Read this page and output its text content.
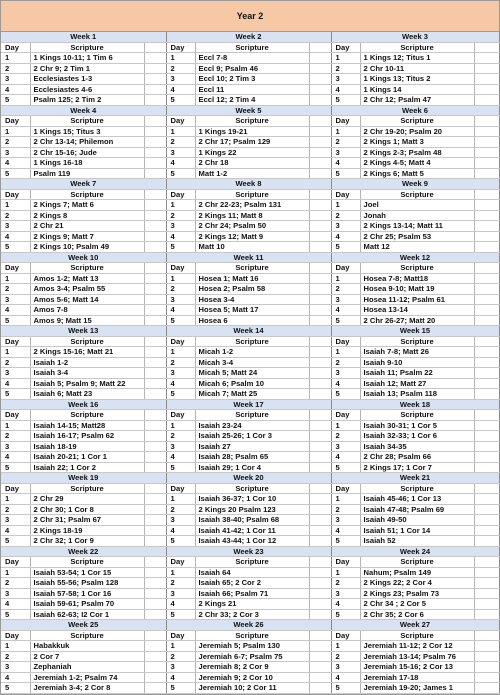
Year 2
Week 1			Week 2			Week 3		
Day	Scripture		Day	Scripture		Day	Scripture	
1	1 Kings 10-11; 1 Tim 6		1	Eccl 7-8		1	1 Kings 12; Titus 1	
2	2 Chr 9; 2 Tim 1		2	Eccl 9; Psalm 46		2	2 Chr 10-11	
3	Ecclesiastes 1-3		3	Eccl 10; 2 Tim 3		3	1 Kings 13; Titus 2	
4	Ecclesiastes 4-6		4	Eccl 11		4	1 Kings 14	
5	Psalm 125; 2 Tim 2		5	Eccl 12; 2 Tim 4		5	2 Chr 12; Psalm 47	
Week 4			Week 5			Week 6		
Day	Scripture		Day	Scripture		Day	Scripture	
1	1 Kings 15; Titus 3		1	1 Kings 19-21		1	2 Chr 19-20; Psalm 20	
2	2 Chr 13-14; Philemon		2	2 Chr 17; Psalm 129		2	2 Kings 1; Matt 3	
3	2 Chr 15-16; Jude		3	1 Kings 22		3	2 Kings 2-3; Psalm 48	
4	1 Kings 16-18		4	2 Chr 18		4	2 Kings 4-5; Matt 4	
5	Psalm 119		5	Matt 1-2		5	2 Kings 6; Matt 5	
Week 7			Week 8			Week 9		
Day	Scripture		Day	Scripture		Day	Scripture	
1	2 Kings 7; Matt 6		1	2 Chr 22-23; Psalm 131		1	Joel	
2	2 Kings 8		2	2 Kings 11; Matt 8		2	Jonah	
3	2 Chr 21		3	2 Chr 24; Psalm 50		3	2 Kings 13-14; Matt 11	
4	2 Kings 9; Matt 7		4	2 Kings 12; Matt 9		4	2 Chr 25; Psalm 53	
5	2 Kings 10; Psalm 49		5	Matt 10		5	Matt 12	
Week 10			Week 11			Week 12		
Day	Scripture		Day	Scripture		Day	Scripture	
1	Amos 1-2; Matt 13		1	Hosea 1; Matt 16		1	Hosea 7-8; Matt18	
2	Amos 3-4; Psalm 55		2	Hosea 2; Psalm 58		2	Hosea 9-10; Matt 19	
3	Amos 5-6; Matt 14		3	Hosea 3-4		3	Hosea 11-12; Psalm 61	
4	Amos 7-8		4	Hosea 5; Matt 17		4	Hosea 13-14	
5	Amos 9; Matt 15		5	Hosea 6		5	2 Chr 26-27; Matt 20	
Week 13			Week 14			Week 15		
Day	Scripture		Day	Scripture		Day	Scripture	
1	2 Kings 15-16; Matt 21		1	Micah 1-2		1	Isaiah 7-8; Matt 26	
2	Isaiah 1-2		2	Micah 3-4		2	Isaiah 9-10	
3	Isaiah 3-4		3	Micah 5; Matt 24		3	Isaiah 11; Psalm 22	
4	Isaiah 5; Psalm 9; Matt 22		4	Micah 6; Psalm 10		4	Isaiah 12; Matt 27	
5	Isaiah 6; Matt 23		5	Micah 7; Matt 25		5	Isaiah 13; Psalm 118	
Week 16			Week 17			Week 18		
Day	Scripture		Day	Scripture		Day	Scripture	
1	Isaiah 14-15; Matt28		1	Isaiah 23-24		1	Isaiah 30-31; 1 Cor 5	
2	Isaiah 16-17; Psalm 62		2	Isaiah 25-26; 1 Cor 3		2	Isaiah 32-33; 1 Cor 6	
3	Isaiah 18-19		3	Isaiah 27		3	Isaiah 34-35	
4	Isaiah 20-21; 1 Cor 1		4	Isaiah 28; Psalm 65		4	2 Chr 28; Psalm 66	
5	Isaiah 22; 1 Cor 2		5	Isaiah 29; 1 Cor 4		5	2 Kings 17; 1 Cor 7	
Week 19			Week 20			Week 21		
Day	Scripture		Day	Scripture		Day	Scripture	
1	2 Chr 29		1	Isaiah 36-37; 1 Cor 10		1	Isaiah 45-46; 1 Cor 13	
2	2 Chr 30; 1 Cor 8		2	2 Kings 20 Psalm 123		2	Isaiah 47-48; Psalm 69	
3	2 Chr 31; Psalm 67		3	Isaiah 38-40; Psalm 68		3	Isaiah 49-50	
4	2 Kings 18-19		4	Isaiah 41-42; 1 Cor 11		4	Isaiah 51; 1 Cor 14	
5	2 Chr 32; 1 Cor 9		5	Isaiah 43-44; 1 Cor 12		5	Isaiah 52	
Week 22			Week 23			Week 24		
Day	Scripture		Day	Scripture		Day	Scripture	
1	Isaiah 53-54; 1 Cor 15		1	Isaiah 64		1	Nahum; Psalm 149	
2	Isaiah 55-56; Psalm 128		2	Isaiah 65; 2 Cor 2		2	2 Kings 22; 2 Cor 4	
3	Isaiah 57-58; 1 Cor 16		3	Isaiah 66; Psalm 71		3	2 Kings 23; Psalm 73	
4	Isaiah 59-61; Psalm 70		4	2 Kings 21		4	2 Chr 34 ; 2 Cor 5	
5	Isaiah 62-63; I2 Cor 1		5	2 Chr 33; 2 Cor 3		5	2 Chr 35; 2 Cor 6	
Week 25			Week 26			Week 27		
Day	Scripture		Day	Scripture		Day	Scripture	
1	Habakkuk		1	Jeremiah 5; Psalm 130		1	Jeremiah 11-12; 2 Cor 12	
2	2 Cor 7		2	Jeremiah 6-7; Psalm 75		2	Jeremiah 13-14; Psalm 76	
3	Zephaniah		3	Jeremiah 8; 2 Cor 9		3	Jeremiah 15-16; 2 Cor 13	
4	Jeremiah 1-2; Psalm 74		4	Jeremiah 9; 2 Cor 10		4	Jeremiah 17-18	
5	Jeremiah 3-4; 2 Cor 8		5	Jeremiah 10; 2 Cor 11		5	Jeremiah 19-20; James 1	
